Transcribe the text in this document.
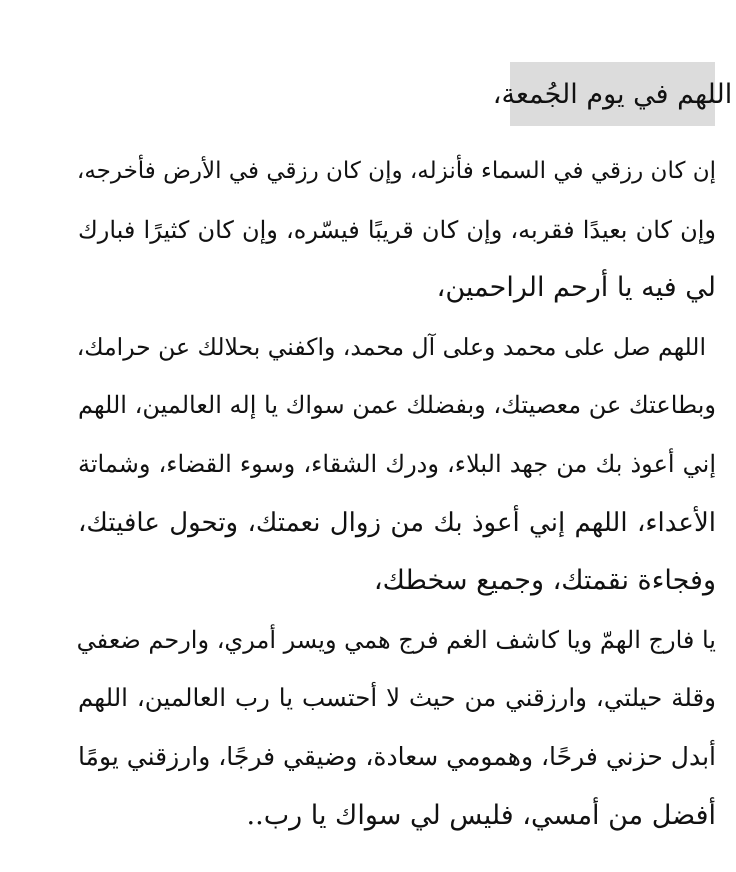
اللهم في يوم الجُمعة،
إن كان رزقي في السماء فأنزله، وإن كان رزقي في الأرض فأخرجه،
وإن كان بعيدًا فقربه، وإن كان قريبًا فيسّره، وإن كان كثيرًا فبارك
لي فيه يا أرحم الراحمين،
اللهم صل على محمد وعلى آل محمد، واكفني بحلالك عن حرامك،
وبطاعتك عن معصيتك، وبفضلك عمن سواك يا إله العالمين، اللهم
إني أعوذ بك من جهد البلاء، ودرك الشقاء، وسوء القضاء، وشماتة
الأعداء، اللهم إني أعوذ بك من زوال نعمتك، وتحول عافيتك،
وفجاءة نقمتك، وجميع سخطك،
يا فارج الهمّ ويا كاشف الغم فرج همي ويسر أمري، وارحم ضعفي
وقلة حيلتي، وارزقني من حيث لا أحتسب يا رب العالمين، اللهم
أبدل حزني فرحًا، وهمومي سعادة، وضيقي فرجًا، وارزقني يومًا
أفضل من أمسي، فليس لي سواك يا رب..
